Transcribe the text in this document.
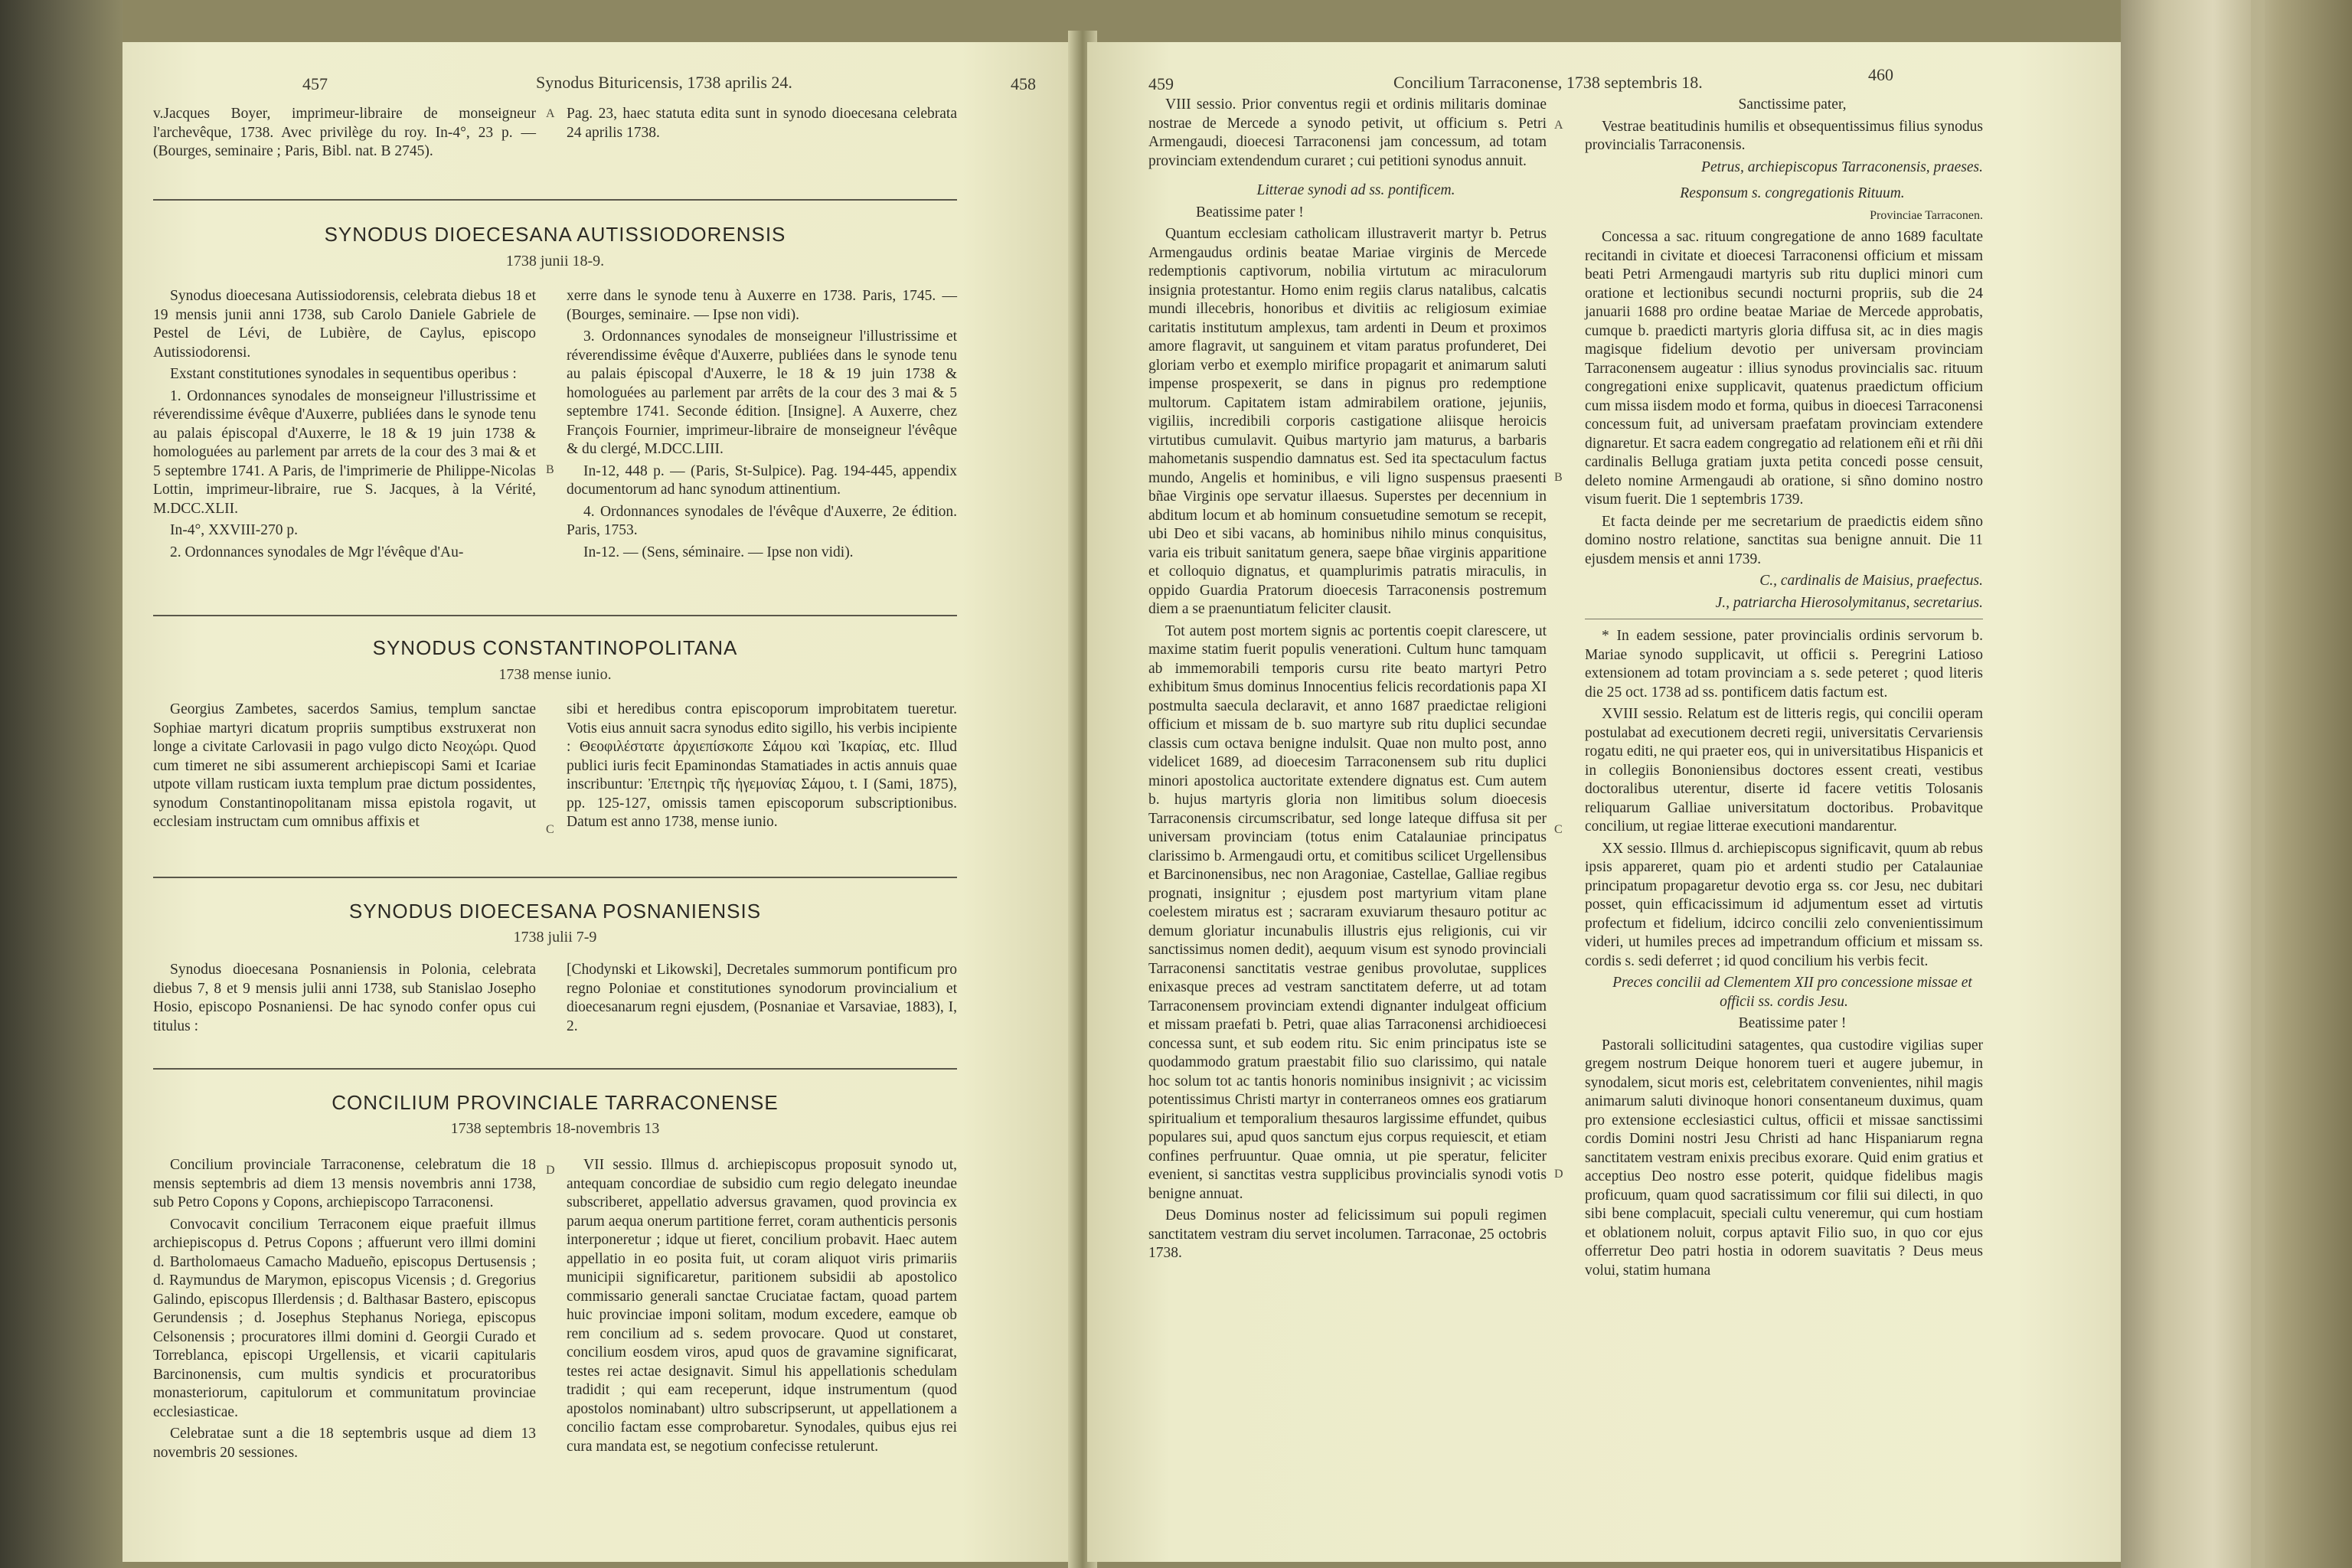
457	Synodus Bituricensis, 1738 aprilis 24.	458

v.Jacques Boyer, imprimeur-libraire de monseigneur l'archevêque, 1738. Avec privilège du roy. In-4°, 23 p. — (Bourges, seminaire ; Paris, Bibl. nat. B 2745).

Pag. 23, haec statuta edita sunt in synodo dioecesana celebrata 24 aprilis 1738.

SYNODUS DIOECESANA AUTISSIODORENSIS
1738 junii 18-9.

Synodus dioecesana Autissiodorensis, celebrata diebus 18 et 19 mensis junii anni 1738, sub Carolo Daniele Gabriele de Pestel de Lévi, de Lubière, de Caylus, episcopo Autissiodorensi.

Exstant constitutiones synodales in sequentibus operibus :

1. Ordonnances synodales de monseigneur l'illustrissime et réverendissime évêque d'Auxerre, publiées dans le synode tenu au palais épiscopal d'Auxerre, le 18 & 19 juin 1738 & homologuées au parlement par arrets de la cour des 3 mai & et 5 septembre 1741. A Paris, de l'imprimerie de Philippe-Nicolas Lottin, imprimeur-libraire, rue S. Jacques, à la Vérité, M.DCC.XLII.

In-4°, XXVIII-270 p.

2. Ordonnances synodales de Mgr l'évêque d'Au-

xerre dans le synode tenu à Auxerre en 1738. Paris, 1745. — (Bourges, seminaire. — Ipse non vidi).

3. Ordonnances synodales de monseigneur l'illustrissime et réverendissime évêque d'Auxerre, publiées dans le synode tenu au palais épiscopal d'Auxerre, le 18 & 19 juin 1738 & homologuées au parlement par arrêts de la cour des 3 mai & 5 septembre 1741. Seconde édition. [Insigne]. A Auxerre, chez François Fournier, imprimeur-libraire de monseigneur l'évêque & du clergé, M.DCC.LIII.

In-12, 448 p. — (Paris, St-Sulpice). Pag. 194-445, appendix documentorum ad hanc synodum attinentium.

4. Ordonnances synodales de l'évêque d'Auxerre, 2e édition. Paris, 1753.

In-12. — (Sens, séminaire. — Ipse non vidi).

SYNODUS CONSTANTINOPOLITANA
1738 mense iunio.

Georgius Zambetes, sacerdos Samius, templum sanctae Sophiae martyri dicatum propriis sumptibus exstruxerat non longe a civitate Carlovasii in pago vulgo dicto Νεοχώρι. Quod cum timeret ne sibi assumerent archiepiscopi Sami et Icariae utpote villam rusticam iuxta templum prae dictum possidentes, synodum Constantinopolitanam missa epistola rogavit, ut ecclesiam instructam cum omnibus affixis et

sibi et heredibus contra episcoporum improbitatem tueretur. Votis eius annuit sacra synodus edito sigillo, his verbis incipiente : Θεοφιλέστατε ἀρχιεπίσκοπε Σάμου καὶ Ἰκαρίας, etc. Illud publici iuris fecit Epaminondas Stamatiades in actis annuis quae inscribuntur: Ἐπετηρὶς τῆς ἡγεμονίας Σάμου, t. I (Sami, 1875), pp. 125-127, omissis tamen episcoporum subscriptionibus. Datum est anno 1738, mense iunio.

SYNODUS DIOECESANA POSNANIENSIS
1738 julii 7-9

Synodus dioecesana Posnaniensis in Polonia, celebrata diebus 7, 8 et 9 mensis julii anni 1738, sub Stanislao Josepho Hosio, episcopo Posnaniensi. De hac synodo confer opus cui titulus :

[Chodynski et Likowski], Decretales summorum pontificum pro regno Poloniae et constitutiones synodorum provincialium et dioecesanarum regni ejusdem, (Posnaniae et Varsaviae, 1883), I, 2.

CONCILIUM PROVINCIALE TARRACONENSE
1738 septembris 18-novembris 13

Concilium provinciale Tarraconense, celebratum die 18 mensis septembris ad diem 13 mensis novembris anni 1738, sub Petro Copons y Copons, archiepiscopo Tarraconensi.

Convocavit concilium Terraconem eique praefuit illmus archiepiscopus d. Petrus Copons ; affuerunt vero illmi domini d. Bartholomaeus Camacho Madueño, episcopus Dertusensis ; d. Raymundus de Marymon, episcopus Vicensis ; d. Gregorius Galindo, episcopus Illerdensis ; d. Balthasar Bastero, episcopus Gerundensis ; d. Josephus Stephanus Noriega, episcopus Celsonensis ; procuratores illmi domini d. Georgii Curado et Torreblanca, episcopi Urgellensis, et vicarii capitularis Barcinonensis, cum multis syndicis et procuratoribus monasteriorum, capitulorum et communitatum provinciae ecclesiasticae.

Celebratae sunt a die 18 septembris usque ad diem 13 novembris 20 sessiones.

VII sessio. Illmus d. archiepiscopus proposuit synodo ut, antequam concordiae de subsidio cum regio delegato ineundae subscriberet, appellatio adversus gravamen, quod provincia ex parum aequa onerum partitione ferret, coram authenticis personis interponeretur ; idque ut fieret, concilium probavit. Haec autem appellatio in eo posita fuit, ut coram aliquot viris primariis municipii significaretur, paritionem subsidii ab apostolico commissario generali sanctae Cruciatae factam, quoad partem huic provinciae imponi solitam, modum excedere, eamque ob rem concilium ad s. sedem provocare. Quod ut constaret, concilium eosdem viros, apud quos de gravamine significarat, testes rei actae designavit. Simul his appellationis schedulam tradidit ; qui eam receperunt, idque instrumentum (quod apostolos nominabant) ultro subscripserunt, ut appellationem a concilio factam esse comprobaretur. Synodales, quibus ejus rei cura mandata est, se negotium confecisse retulerunt.

A
B
C
D
459	Concilium Tarraconense, 1738 septembris 18.	460

VIII sessio. Prior conventus regii et ordinis militaris dominae nostrae de Mercede a synodo petivit, ut officium s. Petri Armengaudi, dioecesi Tarraconensi jam concessum, ad totam provinciam extendendum curaret ; cui petitioni synodus annuit.

Litterae synodi ad ss. pontificem.

Beatissime pater !

Quantum ecclesiam catholicam illustraverit martyr b. Petrus Armengaudus ordinis beatae Mariae virginis de Mercede redemptionis captivorum, nobilia virtutum ac miraculorum insignia protestantur. Homo enim regiis clarus natalibus, calcatis mundi illecebris, honoribus et divitiis ac religiosum eximiae caritatis institutum amplexus, tam ardenti in Deum et proximos amore flagravit, ut sanguinem et vitam paratus profunderet, Dei gloriam verbo et exemplo mirifice propagarit et animarum saluti impense prospexerit, se dans in pignus pro redemptione multorum. Capitatem istam admirabilem oratione, jejuniis, vigiliis, incredibili corporis castigatione aliisque heroicis virtutibus cumulavit. Quibus martyrio jam maturus, a barbaris mahometanis suspendio damnatus est. Sed ita spectaculum factus mundo, Angelis et hominibus, e vili ligno suspensus praesenti bñae Virginis ope servatur illaesus. Superstes per decennium in abditum locum et ab hominum consuetudine semotum se recepit, ubi Deo et sibi vacans, ab hominibus nihilo minus conquisitus, varia eis tribuit sanitatum genera, saepe bñae virginis apparitione et colloquio dignatus, et quamplurimis patratis miraculis, in oppido Guardia Pratorum dioecesis Tarraconensis postremum diem a se praenuntiatum feliciter clausit.

Tot autem post mortem signis ac portentis coepit clarescere, ut maxime statim fuerit populis venerationi. Cultum hunc tamquam ab immemorabili temporis cursu rite beato martyri Petro exhibitum s̄mus dominus Innocentius felicis recordationis papa XI postmulta saecula declaravit, et anno 1687 praedictae religioni officium et missam de b. suo martyre sub ritu duplici secundae classis cum octava benigne indulsit. Quae non multo post, anno videlicet 1689, ad dioecesim Tarraconensem sub ritu duplici minori apostolica auctoritate extendere dignatus est. Cum autem b. hujus martyris gloria non limitibus solum dioecesis Tarraconensis circumscribatur, sed longe lateque diffusa sit per universam provinciam (totus enim Catalauniae principatus clarissimo b. Armengaudi ortu, et comitibus scilicet Urgellensibus et Barcinonensibus, nec non Aragoniae, Castellae, Galliae regibus prognati, insignitur ; ejusdem post martyrium vitam plane coelestem miratus est ; sacraram exuviarum thesauro potitur ac demum gloriatur incunabulis illustris ejus religionis, cui vir sanctissimus nomen dedit), aequum visum est synodo provinciali Tarraconensi sanctitatis vestrae genibus provolutae, supplices enixasque preces ad vestram sanctitatem deferre, ut ad totam Tarraconensem provinciam extendi dignanter indulgeat officium et missam praefati b. Petri, quae alias Tarraconensi archidioecesi concessa sunt, et sub eodem ritu. Sic enim principatus iste se quodammodo gratum praestabit filio suo clarissimo, qui natale hoc solum tot ac tantis honoris nominibus insignivit ; ac vicissim potentissimus Christi martyr in conterraneos omnes eos gratiarum spiritualium et temporalium thesauros largissime effundet, quibus populares sui, apud quos sanctum ejus corpus requiescit, et etiam confines perfruuntur. Quae omnia, ut pie speratur, feliciter evenient, si sanctitas vestra supplicibus provincialis synodi votis benigne annuat.

Deus Dominus noster ad felicissimum sui populi regimen sanctitatem vestram diu servet incolumen. Tarraconae, 25 octobris 1738.

Sanctissime pater,

Vestrae beatitudinis humilis et obsequentissimus filius synodus provincialis Tarraconensis.

Petrus, archiepiscopus Tarraconensis, praeses.

Responsum s. congregationis Rituum.

Provinciae Tarraconen.

Concessa a sac. rituum congregatione de anno 1689 facultate recitandi in civitate et dioecesi Tarraconensi officium et missam beati Petri Armengaudi martyris sub ritu duplici minori cum oratione et lectionibus secundi nocturni propriis, sub die 24 januarii 1688 pro ordine beatae Mariae de Mercede approbatis, cumque b. praedicti martyris gloria diffusa sit, ac in dies magis magisque fidelium devotio per universam provinciam Tarraconensem augeatur : illius synodus provincialis sac. rituum congregationi enixe supplicavit, quatenus praedictum officium cum missa iisdem modo et forma, quibus in dioecesi Tarraconensi concessum fuit, ad universam praefatam provinciam extendere dignaretur. Et sacra eadem congregatio ad relationem eñi et rñi dñi cardinalis Belluga gratiam juxta petita concedi posse censuit, deleto nomine Armengaudi ab oratione, si sñno domino nostro visum fuerit. Die 1 septembris 1739.

Et facta deinde per me secretarium de praedictis eidem sñno domino nostro relatione, sanctitas sua benigne annuit. Die 11 ejusdem mensis et anni 1739.

C., cardinalis de Maisius, praefectus.

J., patriarcha Hierosolymitanus, secretarius.

* In eadem sessione, pater provincialis ordinis servorum b. Mariae synodo supplicavit, ut officii s. Peregrini Latioso extensionem ad totam provinciam a s. sede peteret ; quod literis die 25 oct. 1738 ad ss. pontificem datis factum est.

XVIII sessio. Relatum est de litteris regis, qui concilii operam postulabat ad executionem decreti regii, universitatis Cervariensis rogatu editi, ne qui praeter eos, qui in universitatibus Hispanicis et in collegiis Bononiensibus doctores essent creati, vestibus doctoralibus uterentur, diserte id facere vetitis Tolosanis reliquarum Galliae universitatum doctoribus. Probavitque concilium, ut regiae litterae executioni mandarentur.

XX sessio. Illmus d. archiepiscopus significavit, quum ab rebus ipsis appareret, quam pio et ardenti studio per Catalauniae principatum propagaretur devotio erga ss. cor Jesu, nec dubitari posset, quin efficacissimum id adjumentum esset ad virtutis profectum et fidelium, idcirco concilii zelo convenientissimum videri, ut humiles preces ad impetrandum officium et missam ss. cordis s. sedi deferret ; id quod concilium his verbis fecit.

Preces concilii ad Clementem XII pro concessione missae et officii ss. cordis Jesu.

Beatissime pater !

Pastorali sollicitudini satagentes, qua custodire vigilias super gregem nostrum Deique honorem tueri et augere jubemur, in synodalem, sicut moris est, celebritatem convenientes, nihil magis animarum saluti divinoque honori consentaneum duximus, quam pro extensione ecclesiastici cultus, officii et missae sanctissimi cordis Domini nostri Jesu Christi ad hanc Hispaniarum regna sanctitatem vestram enixis precibus exorare. Quid enim gratius et acceptius Deo nostro esse poterit, quidque fidelibus magis proficuum, quam quod sacratissimum cor filii sui dilecti, in quo sibi bene complacuit, speciali cultu veneremur, qui cum hostiam et oblationem noluit, corpus aptavit Filio suo, in quo cor ejus offerretur Deo patri hostia in odorem suavitatis ? Deus meus volui, statim humana

A
B
C
D
